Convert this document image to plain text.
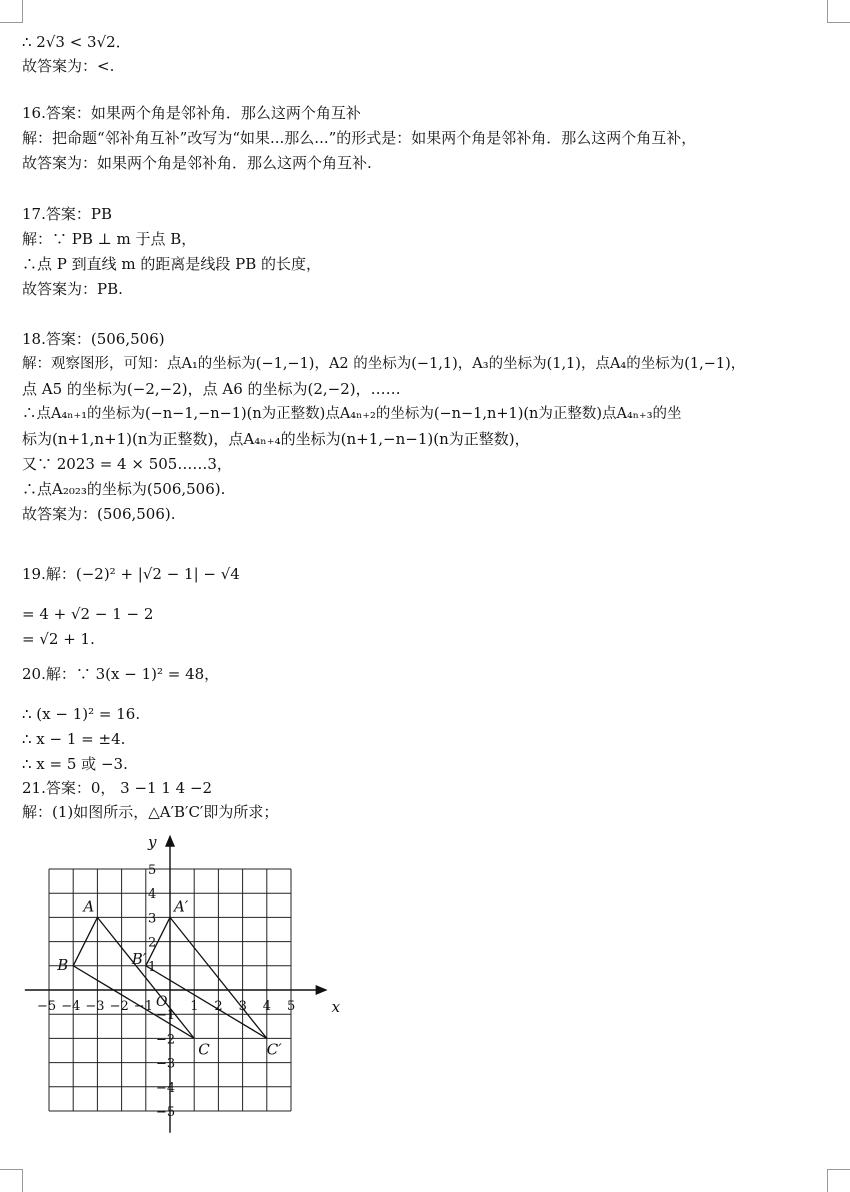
∴ 2√3 < 3√2．
故答案为：<.
16.答案：如果两个角是邻补角．那么这两个角互补
解：把命题“邻补角互补”改写为“如果...那么...”的形式是：如果两个角是邻补角．那么这两个角互补，
故答案为：如果两个角是邻补角．那么这两个角互补.
17.答案：PB
解：∵ PB ⊥ m 于点 B，
∴点 P 到直线 m 的距离是线段 PB 的长度，
故答案为：PB.
18.答案：(506,506)
解：观察图形，可知：点A₁的坐标为(−1,−1)，A2 的坐标为(−1,1)，A₃的坐标为(1,1)，点A₄的坐标为(1,−1)，
点 A5 的坐标为(−2,−2)，点 A6 的坐标为(2,−2)，……
∴点A₄ₙ₊₁的坐标为(−n−1,−n−1)(n为正整数)点A₄ₙ₊₂的坐标为(−n−1,n+1)(n为正整数)点A₄ₙ₊₃的坐
标为(n+1,n+1)(n为正整数)，点A₄ₙ₊₄的坐标为(n+1,−n−1)(n为正整数)，
又∵ 2023 = 4 × 505……3，
∴点A₂₀₂₃的坐标为(506,506).
故答案为：(506,506).
19.解：(−2)² + |√2 − 1| − √4
= 4 + √2 − 1 − 2
= √2 + 1.
20.解：∵ 3(x − 1)² = 48，
∴ (x − 1)² = 16.
∴ x − 1 = ±4.
∴ x = 5 或 −3.
21.答案：0， 3 −1 1 4 −2
解：(1)如图所示，△A′B′C′即为所求；
x
y
O
−5 −4 −3 −2 −1	1 2 3 4 5
5
4
3
2
1
−1
−2
−3
−4
−5
A
B
C
A′
B′
C′
